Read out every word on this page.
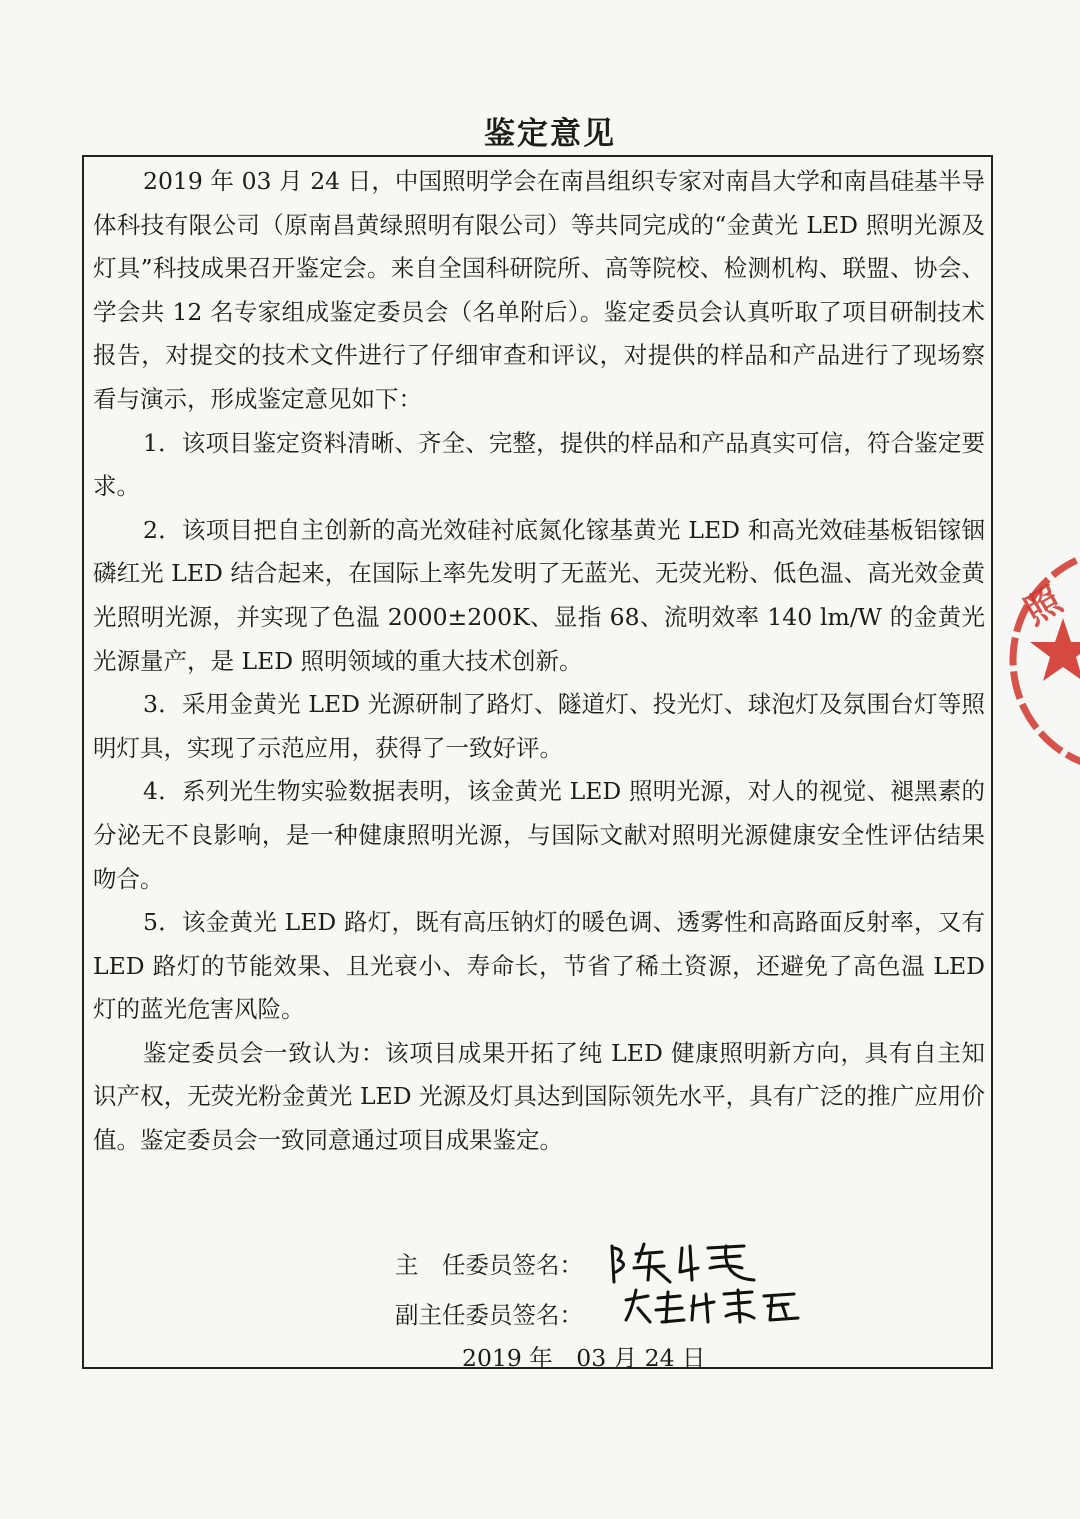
鉴定意见

2019 年 03 月 24 日，中国照明学会在南昌组织专家对南昌大学和南昌硅基半导体科技有限公司（原南昌黄绿照明有限公司）等共同完成的“金黄光 LED 照明光源及灯具”科技成果召开鉴定会。来自全国科研院所、高等院校、检测机构、联盟、协会、学会共 12 名专家组成鉴定委员会（名单附后）。鉴定委员会认真听取了项目研制技术报告，对提交的技术文件进行了仔细审查和评议，对提供的样品和产品进行了现场察看与演示，形成鉴定意见如下：

1．该项目鉴定资料清晰、齐全、完整，提供的样品和产品真实可信，符合鉴定要求。

2．该项目把自主创新的高光效硅衬底氮化镓基黄光 LED 和高光效硅基板铝镓铟磷红光 LED 结合起来，在国际上率先发明了无蓝光、无荧光粉、低色温、高光效金黄光照明光源，并实现了色温 2000±200K、显指 68、流明效率 140 lm/W 的金黄光光源量产，是 LED 照明领域的重大技术创新。

3．采用金黄光 LED 光源研制了路灯、隧道灯、投光灯、球泡灯及氛围台灯等照明灯具，实现了示范应用，获得了一致好评。

4．系列光生物实验数据表明，该金黄光 LED 照明光源，对人的视觉、褪黑素的分泌无不良影响，是一种健康照明光源，与国际文献对照明光源健康安全性评估结果吻合。

5．该金黄光 LED 路灯，既有高压钠灯的暖色调、透雾性和高路面反射率，又有 LED 路灯的节能效果、且光衰小、寿命长，节省了稀土资源，还避免了高色温 LED 灯的蓝光危害风险。

鉴定委员会一致认为：该项目成果开拓了纯 LED 健康照明新方向，具有自主知识产权，无荧光粉金黄光 LED 光源及灯具达到国际领先水平，具有广泛的推广应用价值。鉴定委员会一致同意通过项目成果鉴定。

主　任委员签名：
副主任委员签名：
2019 年　03 月 24 日
照
